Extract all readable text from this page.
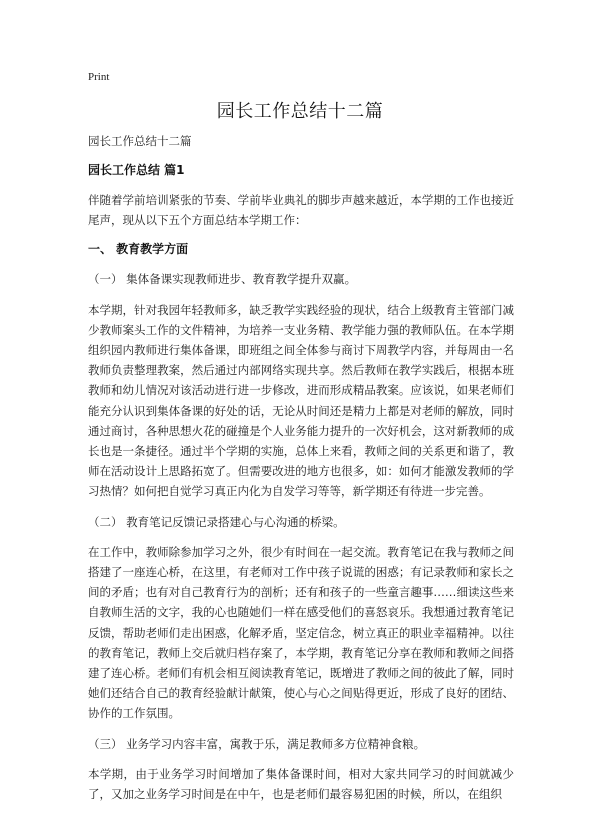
Print
园长工作总结十二篇

园长工作总结十二篇

园长工作总结 篇1

伴随着学前培训紧张的节奏、学前毕业典礼的脚步声越来越近，本学期的工作也接近尾声，现从以下五个方面总结本学期工作：

一、 教育教学方面

（一） 集体备课实现教师进步、教育教学提升双赢。

本学期，针对我园年轻教师多，缺乏教学实践经验的现状，结合上级教育主管部门减少教师案头工作的文件精神，为培养一支业务精、教学能力强的教师队伍。在本学期组织园内教师进行集体备课，即班组之间全体参与商讨下周教学内容，并每周由一名教师负责整理教案，然后通过内部网络实现共享。然后教师在教学实践后，根据本班教师和幼儿情况对该活动进行进一步修改，进而形成精品教案。应该说，如果老师们能充分认识到集体备课的好处的话，无论从时间还是精力上都是对老师的解放，同时通过商讨，各种思想火花的碰撞是个人业务能力提升的一次好机会，这对新教师的成长也是一条捷径。通过半个学期的实施，总体上来看，教师之间的关系更和谐了，教师在活动设计上思路拓宽了。但需要改进的地方也很多，如：如何才能激发教师的学习热情？如何把自觉学习真正内化为自发学习等等，新学期还有待进一步完善。

（二） 教育笔记反馈记录搭建心与心沟通的桥梁。

在工作中，教师除参加学习之外，很少有时间在一起交流。教育笔记在我与教师之间搭建了一座连心桥，在这里，有老师对工作中孩子说谎的困惑；有记录教师和家长之间的矛盾；也有对自己教育行为的剖析；还有和孩子的一些童言趣事……细读这些来自教师生活的文字，我的心也随她们一样在感受他们的喜怒哀乐。我想通过教育笔记反馈，帮助老师们走出困惑，化解矛盾，坚定信念，树立真正的职业幸福精神。以往的教育笔记，教师上交后就归档存案了，本学期，教育笔记分享在教师和教师之间搭建了连心桥。老师们有机会相互阅读教育笔记，既增进了教师之间的彼此了解，同时她们还结合自己的教育经验献计献策，使心与心之间贴得更近，形成了良好的团结、协作的工作氛围。

（三） 业务学习内容丰富，寓教于乐，满足教师多方位精神食粮。

本学期，由于业务学习时间增加了集体备课时间，相对大家共同学习的时间就减少了，又加之业务学习时间是在中午，也是老师们最容易犯困的时候，所以，在组织
